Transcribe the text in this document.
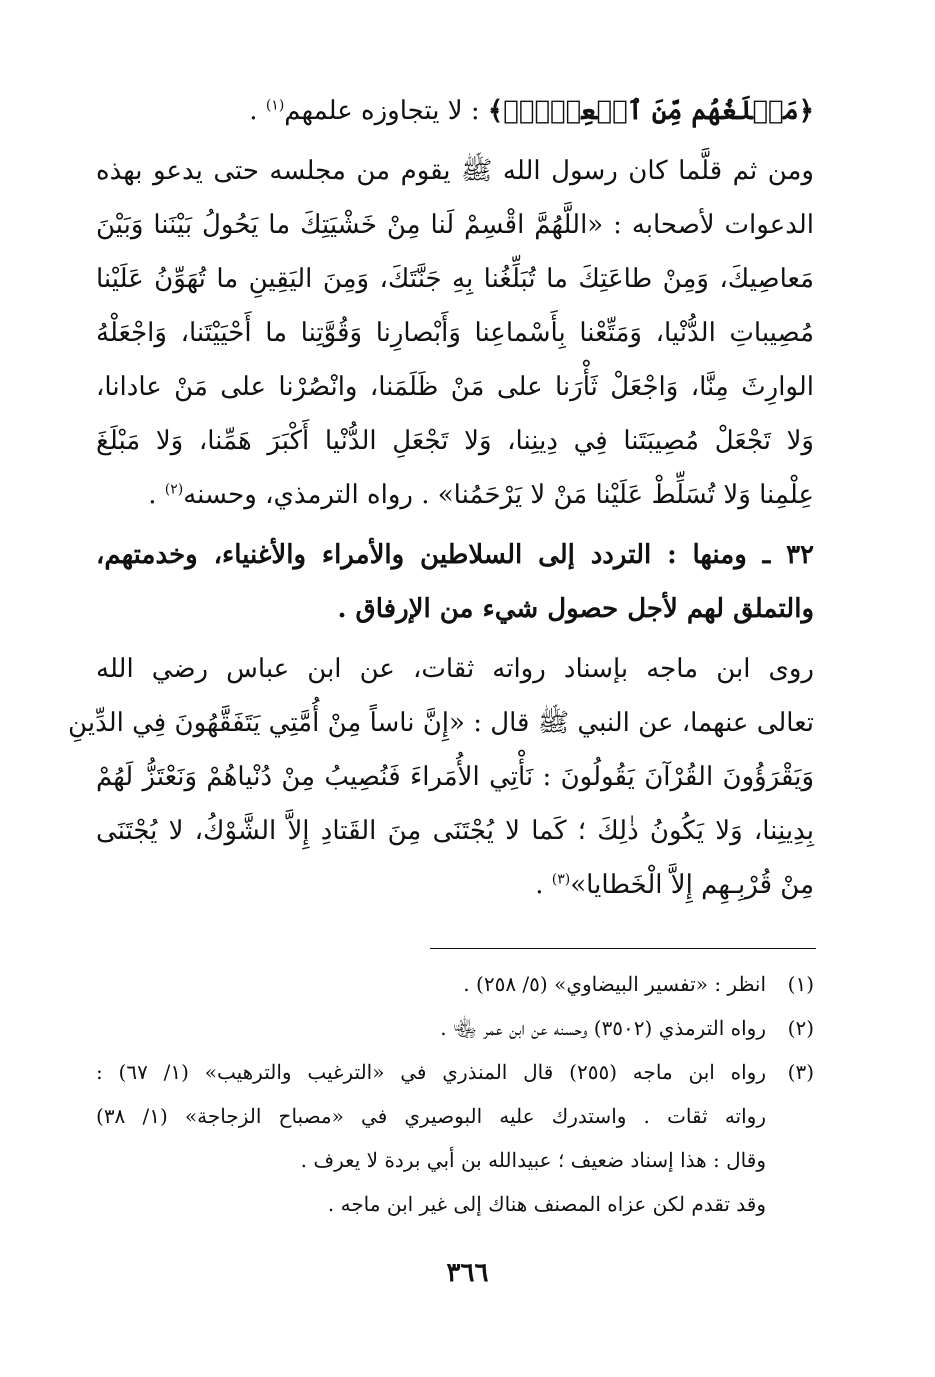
﴿مَبۡلَغُهُم مِّنَ ٱلۡعِلۡمِۚ﴾ : لا يتجاوزه علمهم$^{(١)}$ .
ومن ثم قلَّما كان رسول الله ﷺ يقوم من مجلسه حتى يدعو بهذه
الدعوات لأصحابه : «اللَّهُمَّ اقْسِمْ لَنا مِنْ خَشْيَتِكَ ما يَحُولُ بَيْنَنا وَبَيْنَ
مَعاصِيكَ، وَمِنْ طاعَتِكَ ما تُبَلِّغُنا بِهِ جَنَّتَكَ، وَمِنَ اليَقِينِ ما تُهَوِّنُ عَلَيْنا
مُصِيباتِ الدُّنْيا، وَمَتِّعْنا بِأَسْماعِنا وَأَبْصارِنا وَقُوَّتِنا ما أَحْيَيْتَنا، وَاجْعَلْهُ
الوارِثَ مِنَّا، وَاجْعَلْ ثَأْرَنا على مَنْ ظَلَمَنا، وانْصُرْنا على مَنْ عادانا،
وَلا تَجْعَلْ مُصِيبَتَنا فِي دِينِنا، وَلا تَجْعَلِ الدُّنْيا أَكْبَرَ هَمِّنا، وَلا مَبْلَغَ
عِلْمِنا وَلا تُسَلِّطْ عَلَيْنا مَنْ لا يَرْحَمُنا» . رواه الترمذي، وحسنه$^{(٢)}$ .
٣٢ ـ ومنها : التردد إلى السلاطين والأمراء والأغنياء، وخدمتهم،
والتملق لهم لأجل حصول شيء من الإرفاق .
روى ابن ماجه بإسناد رواته ثقات، عن ابن عباس رضي الله
تعالى عنهما، عن النبي ﷺ قال : «إِنَّ ناساً مِنْ أُمَّتِي يَتَفَقَّهُونَ فِي الدِّينِ
وَيَقْرَؤُونَ القُرْآنَ يَقُولُونَ : نَأْتِي الأُمَراءَ فَنُصِيبُ مِنْ دُنْياهُمْ وَنَعْتَزُّ لَهُمْ
بِدِينِنا، وَلا يَكُونُ ذٰلِكَ ؛ كَما لا يُجْتَنَى مِنَ القَتادِ إِلاَّ الشَّوْكُ، لا يُجْتَنَى
مِنْ قُرْبِـهِم إِلاَّ الْخَطايا»$^{(٣)}$ .
(١)انظر : «تفسير البيضاوي» (٥/ ٢٥٨) .
(٢)رواه الترمذي (٣٥٠٢) وحسنه عن ابن عمر ﵄ .
(٣)رواه ابن ماجه (٢٥٥) قال المنذري في «الترغيب والترهيب» (١/ ٦٧) :
رواته ثقات . واستدرك عليه البوصيري في «مصباح الزجاجة» (١/ ٣٨)
وقال : هذا إسناد ضعيف ؛ عبيدالله بن أبي بردة لا يعرف .
وقد تقدم لكن عزاه المصنف هناك إلى غير ابن ماجه .
٣٦٦
